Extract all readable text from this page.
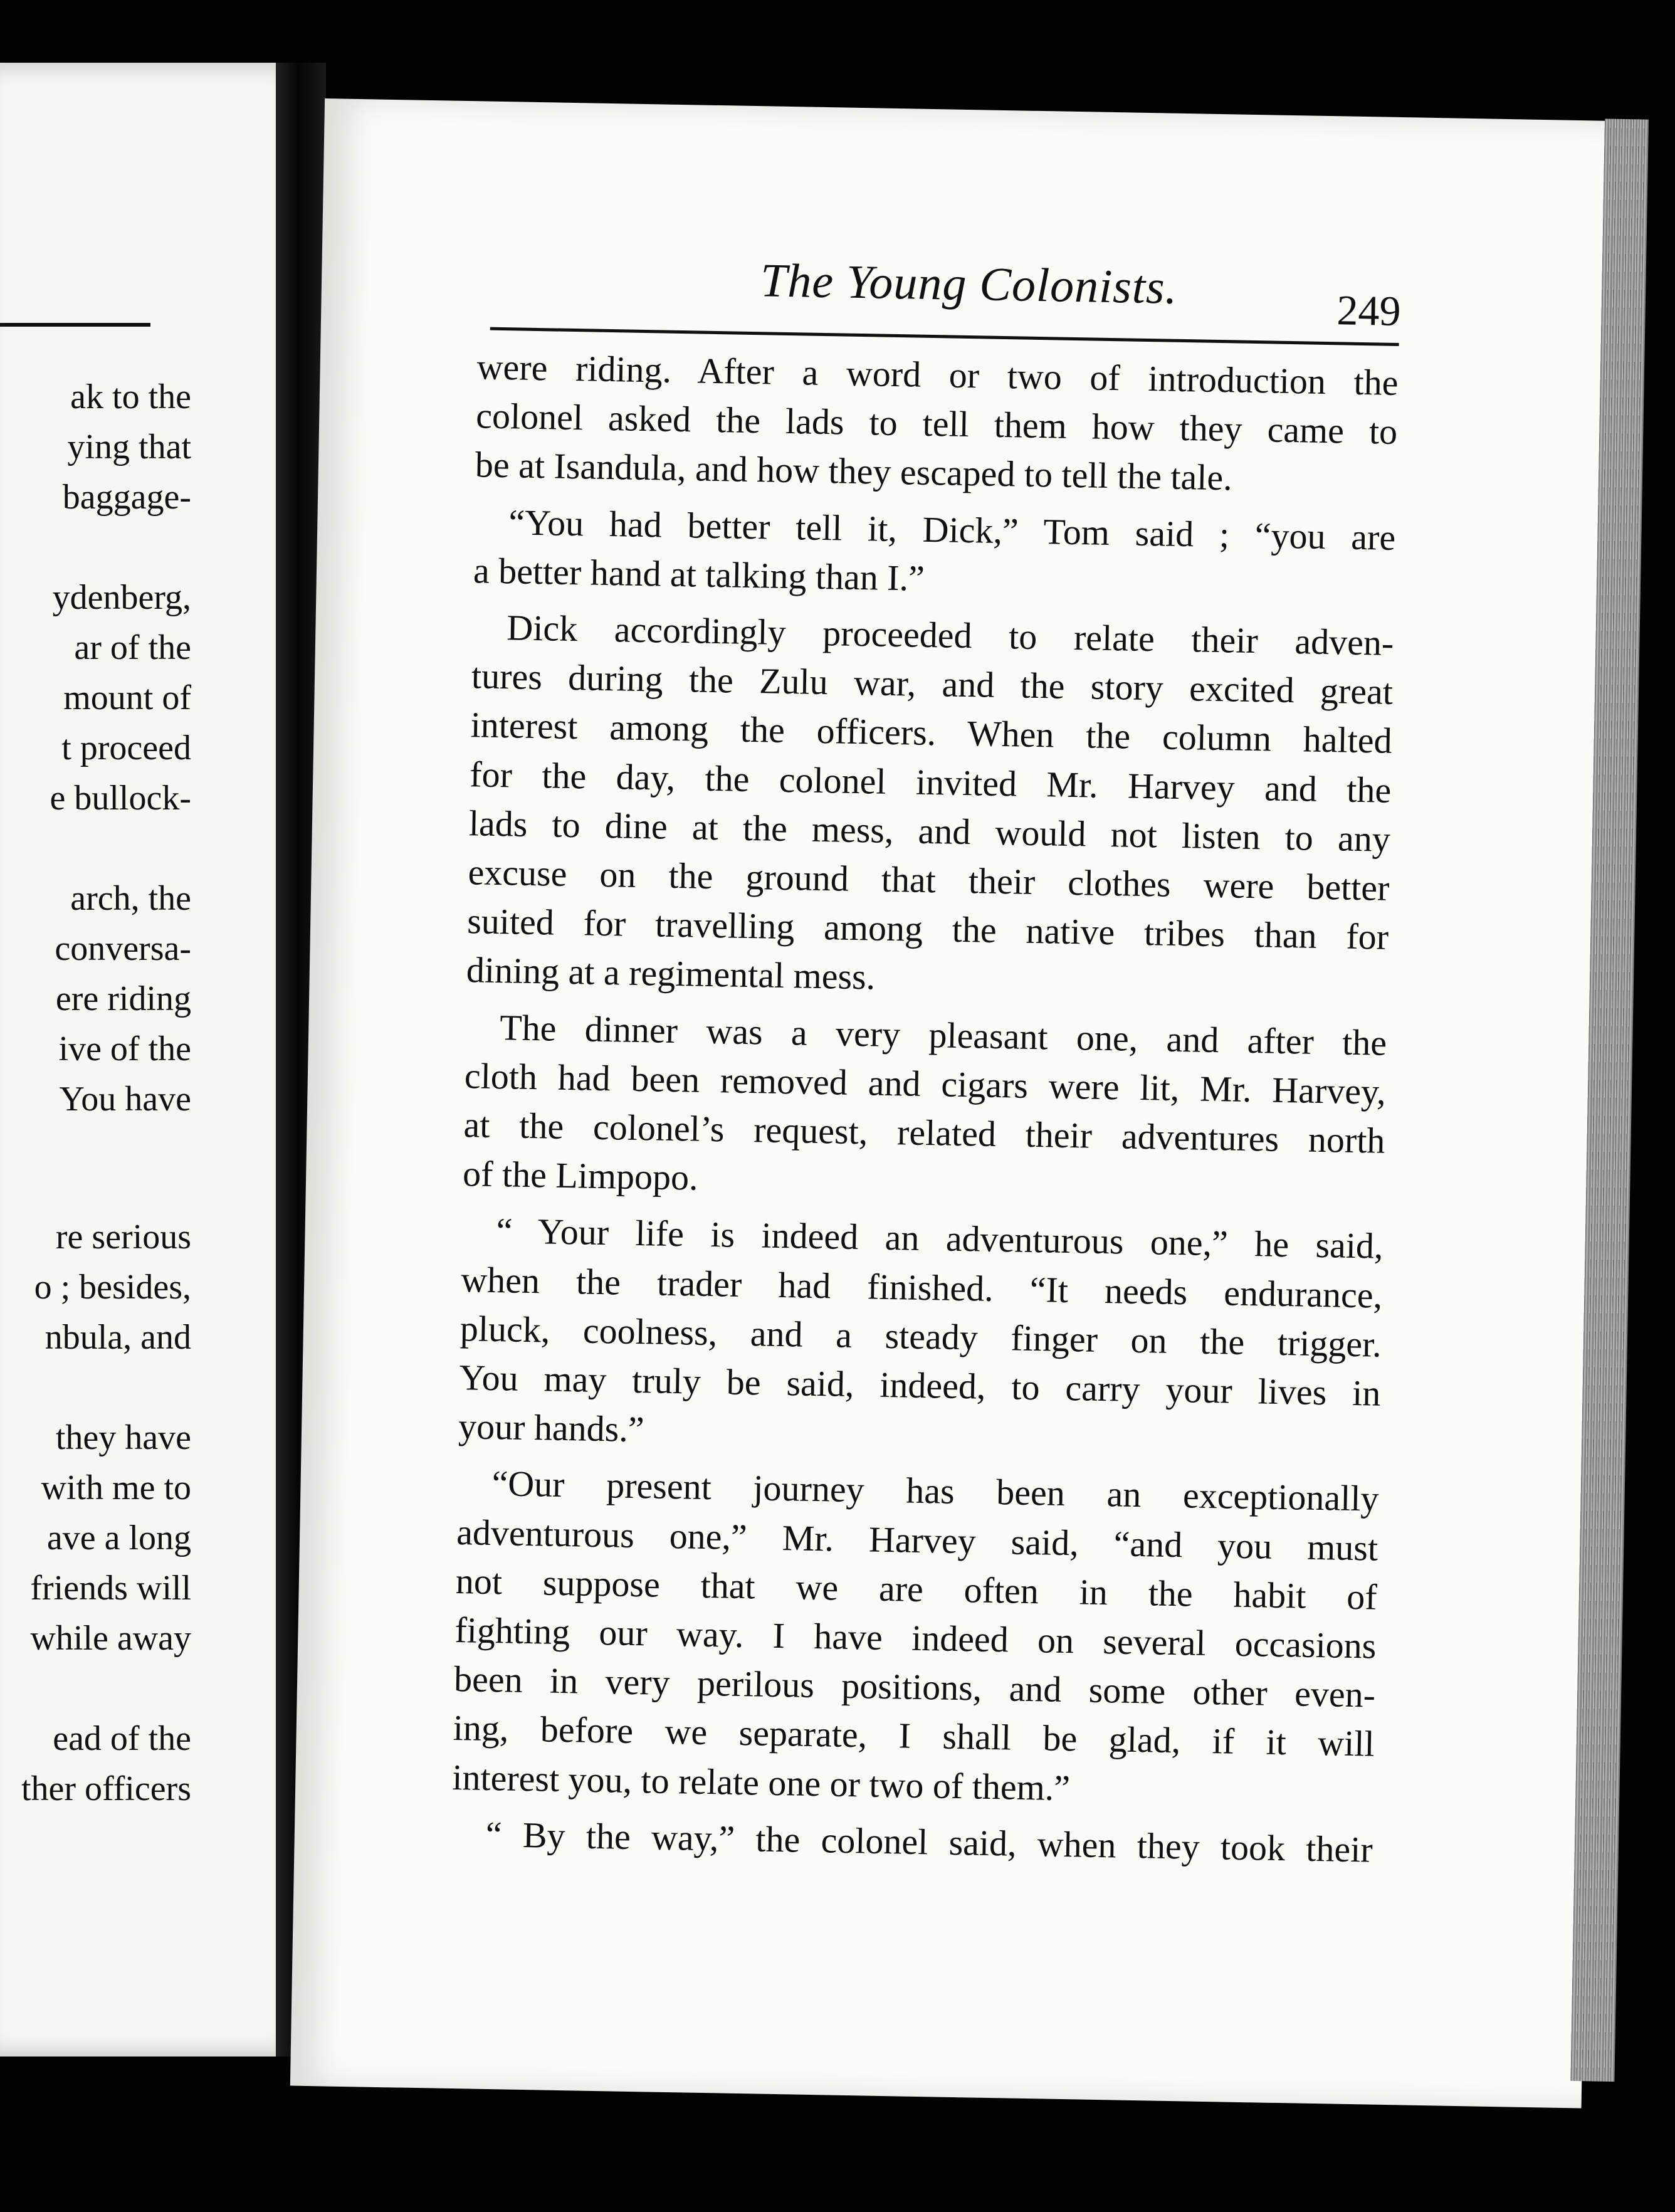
ak to the
ying that
baggage-
ydenberg,
ar of the
mount of
t proceed
e bullock-
arch, the
conversa-
ere riding
ive of the
You have
re serious
o ; besides,
nbula, and
they have
with me to
ave a long
friends will
while away
ead of the
ther officers
The Young Colonists.	249
were riding. After a word or two of introduction the
colonel asked the lads to tell them how they came to
be at Isandula, and how they escaped to tell the tale.
“You had better tell it, Dick,” Tom said ; “you are
a better hand at talking than I.”
Dick accordingly proceeded to relate their adven-
tures during the Zulu war, and the story excited great
interest among the officers. When the column halted
for the day, the colonel invited Mr. Harvey and the
lads to dine at the mess, and would not listen to any
excuse on the ground that their clothes were better
suited for travelling among the native tribes than for
dining at a regimental mess.
The dinner was a very pleasant one, and after the
cloth had been removed and cigars were lit, Mr. Harvey,
at the colonel’s request, related their adventures north
of the Limpopo.
“ Your life is indeed an adventurous one,” he said,
when the trader had finished. “It needs endurance,
pluck, coolness, and a steady finger on the trigger.
You may truly be said, indeed, to carry your lives in
your hands.”
“Our present journey has been an exceptionally
adventurous one,” Mr. Harvey said, “and you must
not suppose that we are often in the habit of
fighting our way. I have indeed on several occasions
been in very perilous positions, and some other even-
ing, before we separate, I shall be glad, if it will
interest you, to relate one or two of them.”
“ By the way,” the colonel said, when they took their
